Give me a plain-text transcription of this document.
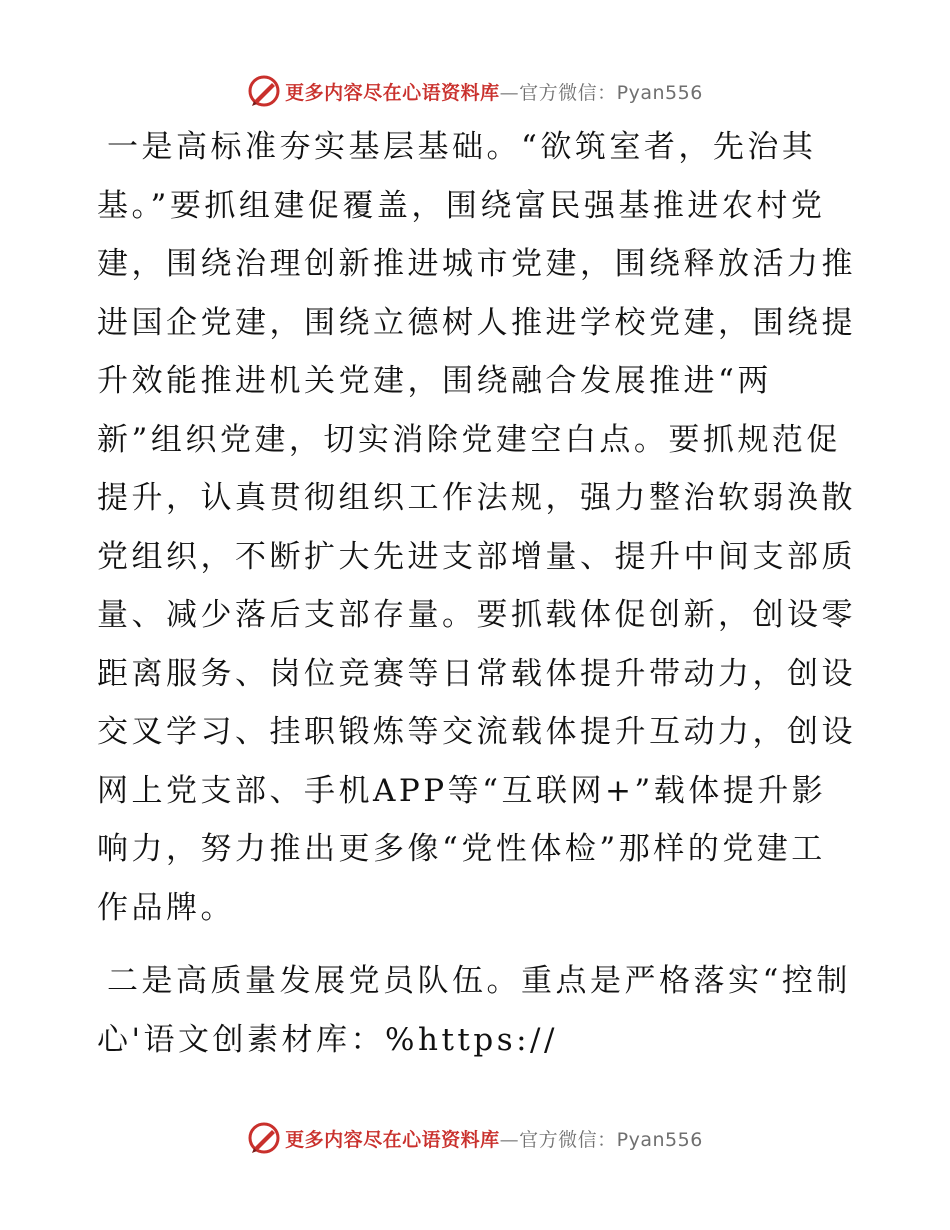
更多内容尽在心语资料库—官方微信：Pyan556

一是高标准夯实基层基础。“欲筑室者，先治其基。”要抓组建促覆盖，围绕富民强基推进农村党建，围绕治理创新推进城市党建，围绕释放活力推进国企党建，围绕立德树人推进学校党建，围绕提升效能推进机关党建，围绕融合发展推进“两新”组织党建，切实消除党建空白点。要抓规范促提升，认真贯彻组织工作法规，强力整治软弱涣散党组织，不断扩大先进支部增量、提升中间支部质量、减少落后支部存量。要抓载体促创新，创设零距离服务、岗位竞赛等日常载体提升带动力，创设交叉学习、挂职锻炼等交流载体提升互动力，创设网上党支部、手机APP等“互联网+”载体提升影响力，努力推出更多像“党性体检”那样的党建工作品牌。

二是高质量发展党员队伍。重点是严格落实“控制心'语文创素材库：%https://

更多内容尽在心语资料库—官方微信：Pyan556
